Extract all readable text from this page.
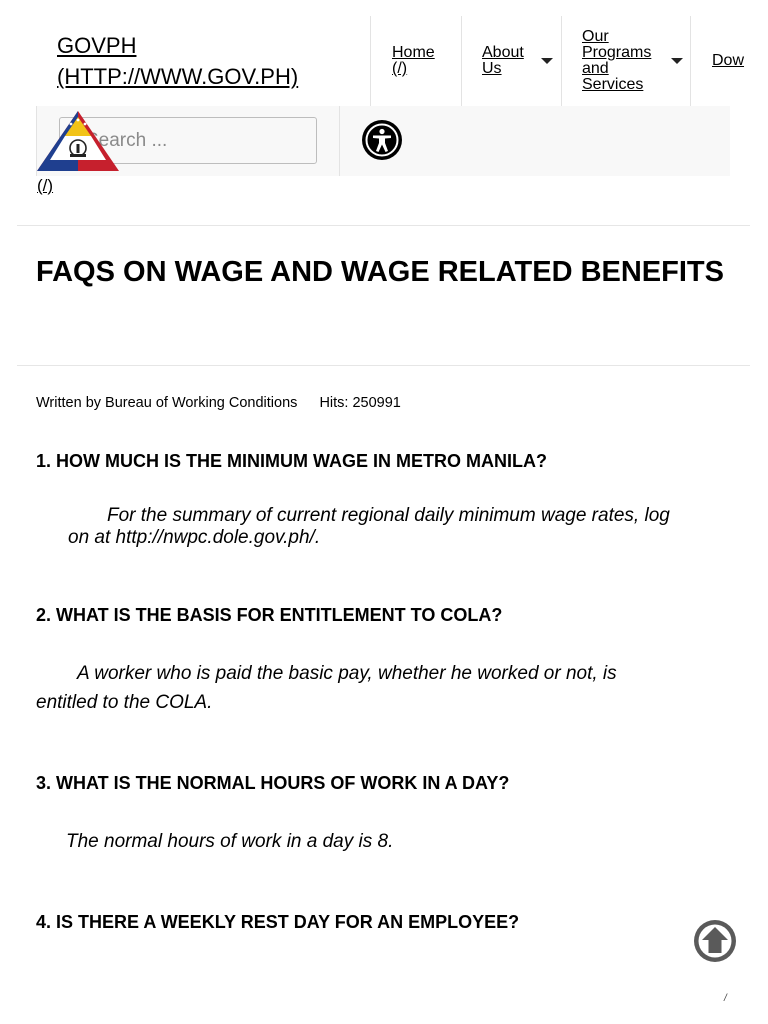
GOVPH
(HTTP://WWW.GOV.PH)
Home
(/)
About
Us
Our
Programs
and
Services
Dow
Search ...
(/)
FAQS ON WAGE AND WAGE RELATED BENEFITS
Written by Bureau of Working Conditions Hits: 250991
1. HOW MUCH IS THE MINIMUM WAGE IN METRO MANILA?

For the summary of current regional daily minimum wage rates, log

on at http://nwpc.dole.gov.ph/.

2. WHAT IS THE BASIS FOR ENTITLEMENT TO COLA?

A worker who is paid the basic pay, whether he worked or not, is

entitled to the COLA.

3. WHAT IS THE NORMAL HOURS OF WORK IN A DAY?

The normal hours of work in a day is 8.

4. IS THERE A WEEKLY REST DAY FOR AN EMPLOYEE?
/
